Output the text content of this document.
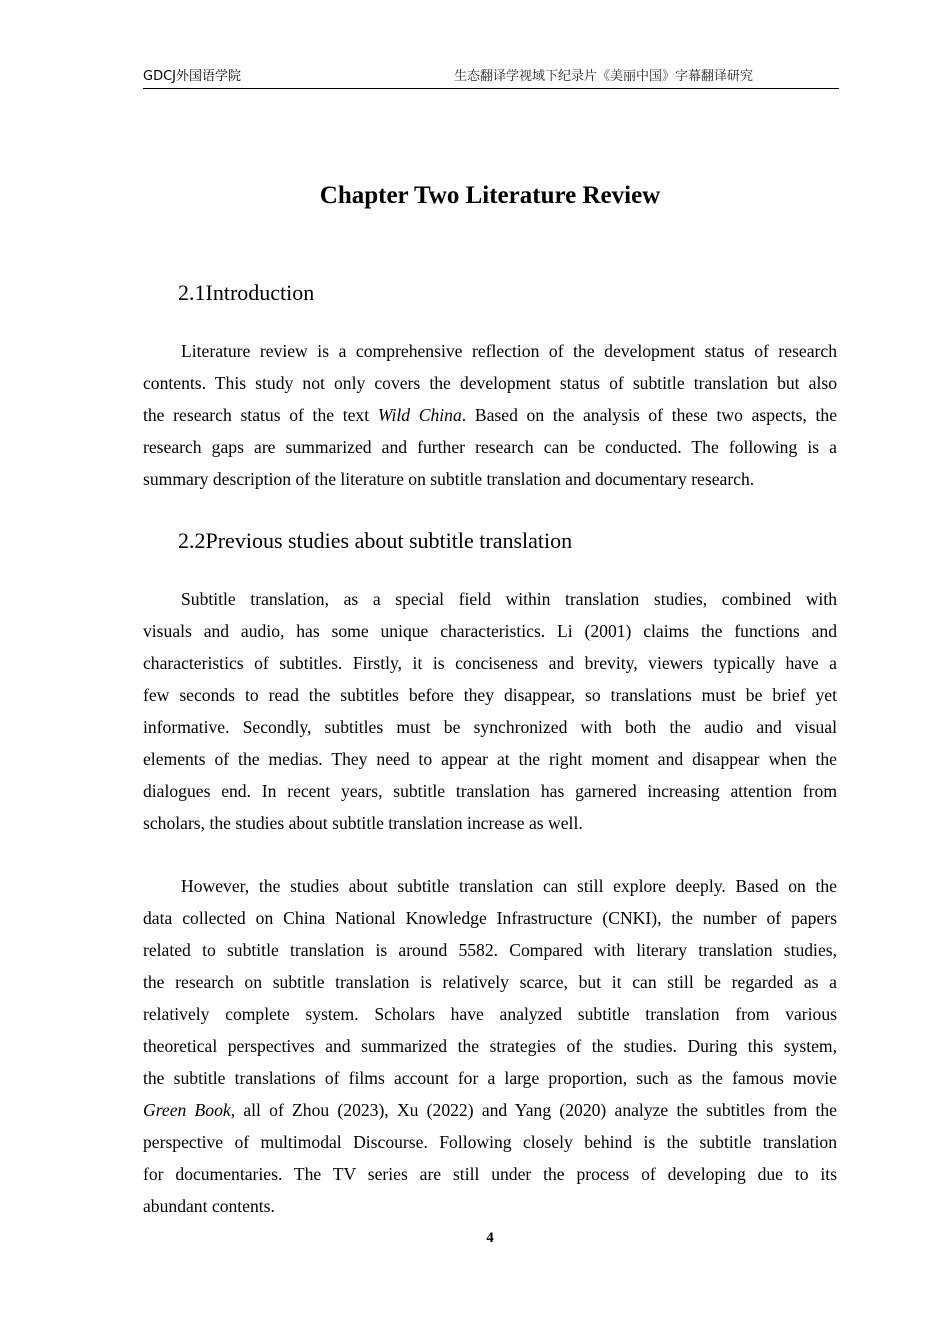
GDCJ外国语学院	生态翻译学视域下纪录片《美丽中国》字幕翻译研究
Chapter Two Literature Review
2.1Introduction
Literature review is a comprehensive reflection of the development status of research
contents. This study not only covers the development status of subtitle translation but also
the research status of the text Wild China. Based on the analysis of these two aspects, the
research gaps are summarized and further research can be conducted. The following is a
summary description of the literature on subtitle translation and documentary research.
2.2Previous studies about subtitle translation
Subtitle translation, as a special field within translation studies, combined with
visuals and audio, has some unique characteristics. Li (2001) claims the functions and
characteristics of subtitles. Firstly, it is conciseness and brevity, viewers typically have a
few seconds to read the subtitles before they disappear, so translations must be brief yet
informative. Secondly, subtitles must be synchronized with both the audio and visual
elements of the medias. They need to appear at the right moment and disappear when the
dialogues end. In recent years, subtitle translation has garnered increasing attention from
scholars, the studies about subtitle translation increase as well.
However, the studies about subtitle translation can still explore deeply. Based on the
data collected on China National Knowledge Infrastructure (CNKI), the number of papers
related to subtitle translation is around 5582. Compared with literary translation studies,
the research on subtitle translation is relatively scarce, but it can still be regarded as a
relatively complete system. Scholars have analyzed subtitle translation from various
theoretical perspectives and summarized the strategies of the studies. During this system,
the subtitle translations of films account for a large proportion, such as the famous movie
Green Book, all of Zhou (2023), Xu (2022) and Yang (2020) analyze the subtitles from the
perspective of multimodal Discourse. Following closely behind is the subtitle translation
for documentaries. The TV series are still under the process of developing due to its
abundant contents.
4
